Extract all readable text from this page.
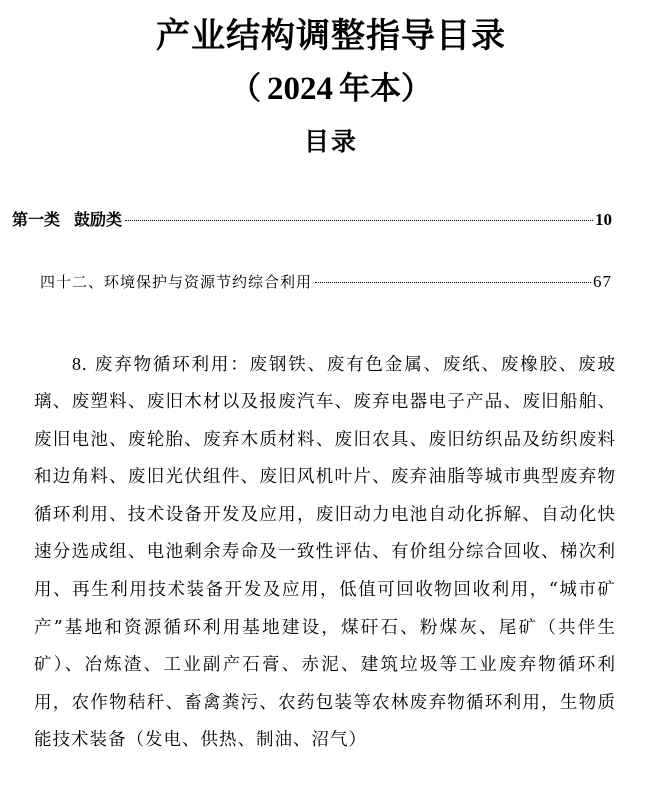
产业结构调整指导目录
（ 2024 年本）
目录
第一类 鼓励类	10
四十二、环境保护与资源节约综合利用	67

8. 废弃物循环利用：废钢铁、废有色金属、废纸、废橡胶、废玻璃、废塑料、废旧木材以及报废汽车、废弃电器电子产品、废旧船舶、废旧电池、废轮胎、废弃木质材料、废旧农具、废旧纺织品及纺织废料和边角料、废旧光伏组件、废旧风机叶片、废弃油脂等城市典型废弃物循环利用、技术设备开发及应用，废旧动力电池自动化拆解、自动化快速分选成组、电池剩余寿命及一致性评估、有价组分综合回收、梯次利用、再生利用技术装备开发及应用，低值可回收物回收利用，“城市矿产”基地和资源循环利用基地建设，煤矸石、粉煤灰、尾矿（共伴生矿）、冶炼渣、工业副产石膏、赤泥、建筑垃圾等工业废弃物循环利用，农作物秸秆、畜禽粪污、农药包装等农林废弃物循环利用，生物质能技术装备（发电、供热、制油、沼气）
